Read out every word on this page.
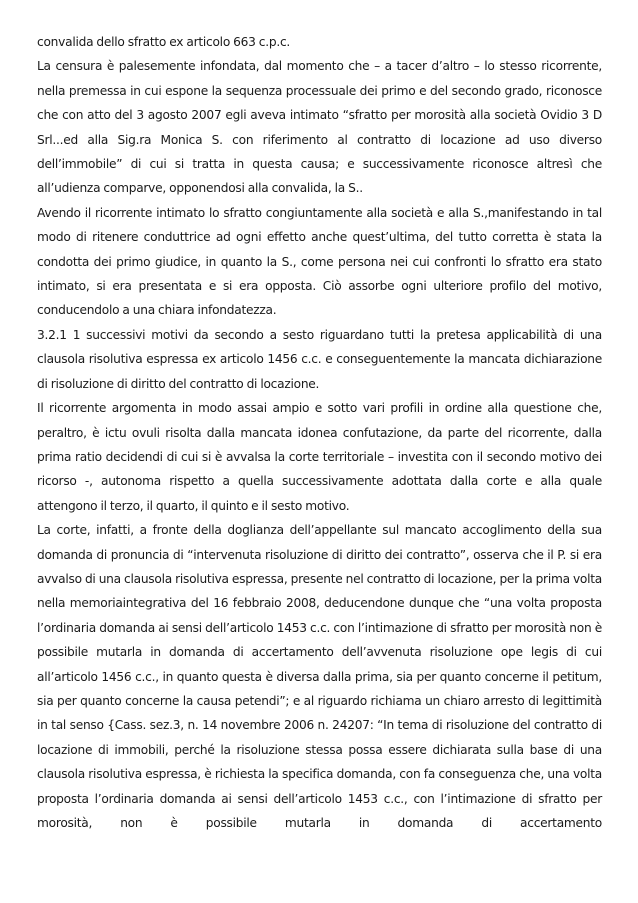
convalida dello sfratto ex articolo 663 c.p.c.

La censura è palesemente infondata, dal momento che – a tacer d’altro – lo stesso ricorrente, nella premessa in cui espone la sequenza processuale dei primo e del secondo grado, riconosce che con atto del 3 agosto 2007 egli aveva intimato “sfratto per morosità alla società Ovidio 3 D Srl...ed alla Sig.ra Monica S. con riferimento al contratto di locazione ad uso diverso dell’immobile” di cui si tratta in questa causa; e successivamente riconosce altresì che all’udienza comparve, opponendosi alla convalida, la S..

Avendo il ricorrente intimato lo sfratto congiuntamente alla società e alla S.,manifestando in tal modo di ritenere conduttrice ad ogni effetto anche quest’ultima, del tutto corretta è stata la condotta dei primo giudice, in quanto la S., come persona nei cui confronti lo sfratto era stato intimato, si era presentata e si era opposta. Ciò assorbe ogni ulteriore profilo del motivo, conducendolo a una chiara infondatezza.

3.2.1 1 successivi motivi da secondo a sesto riguardano tutti la pretesa applicabilità di una clausola risolutiva espressa ex articolo 1456 c.c. e conseguentemente la mancata dichiarazione di risoluzione di diritto del contratto di locazione.

Il ricorrente argomenta in modo assai ampio e sotto vari profili in ordine alla questione che, peraltro, è ictu ovuli risolta dalla mancata idonea confutazione, da parte del ricorrente, dalla prima ratio decidendi di cui si è avvalsa la corte territoriale – investita con il secondo motivo dei ricorso -, autonoma rispetto a quella successivamente adottata dalla corte e alla quale attengono il terzo, il quarto, il quinto e il sesto motivo.

La corte, infatti, a fronte della doglianza dell’appellante sul mancato accoglimento della sua domanda di pronuncia di “intervenuta risoluzione di diritto dei contratto”, osserva che il P. si era avvalso di una clausola risolutiva espressa, presente nel contratto di locazione, per la prima volta nella memoriaintegrativa del 16 febbraio 2008, deducendone dunque che “una volta proposta l’ordinaria domanda ai sensi dell’articolo 1453 c.c. con l’intimazione di sfratto per morosità non è possibile mutarla in domanda di accertamento dell’avvenuta risoluzione ope legis di cui all’articolo 1456 c.c., in quanto questa è diversa dalla prima, sia per quanto concerne il petitum, sia per quanto concerne la causa petendi”; e al riguardo richiama un chiaro arresto di legittimità in tal senso {Cass. sez.3, n. 14 novembre 2006 n. 24207: “In tema di risoluzione del contratto di locazione di immobili, perché la risoluzione stessa possa essere dichiarata sulla base di una clausola risolutiva espressa, è richiesta la specifica domanda, con fa conseguenza che, una volta proposta l’ordinaria domanda ai sensi dell’articolo 1453 c.c., con l’intimazione di sfratto per morosità, non è possibile mutarla in domanda di accertamento
